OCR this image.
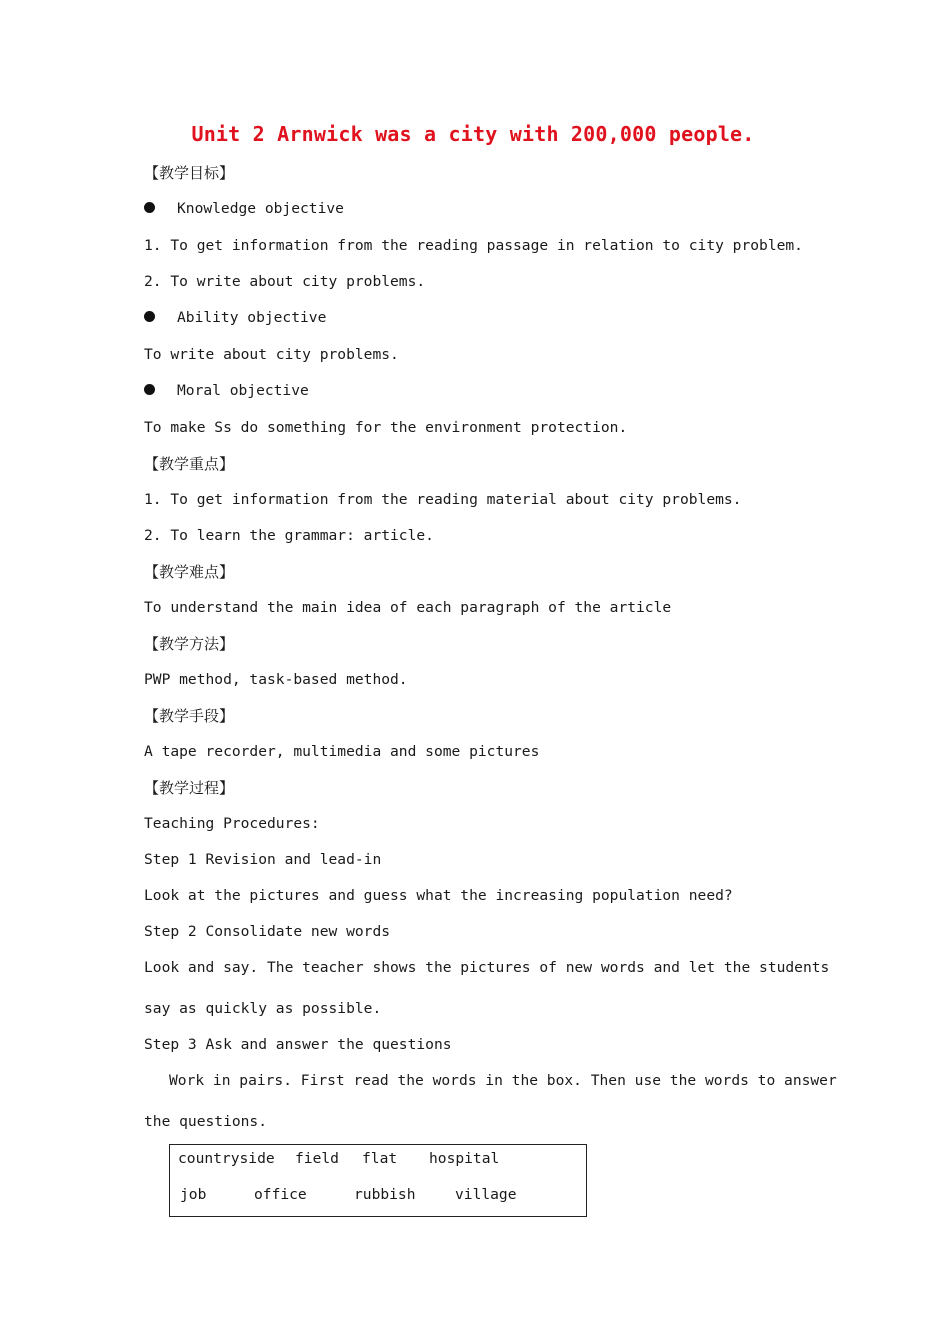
Unit 2 Arnwick was a city with 200,000 people.

【教学目标】

Knowledge objective

1. To get information from the reading passage in relation to city problem.

2. To write about city problems.

Ability objective

To write about city problems.

Moral objective

To make Ss do something for the environment protection.

【教学重点】

1. To get information from the reading material about city problems.

2. To learn the grammar: article.

【教学难点】

To understand the main idea of each paragraph of the article

【教学方法】

PWP method, task-based method.

【教学手段】

A tape recorder, multimedia and some pictures

【教学过程】

Teaching Procedures:

Step 1 Revision and lead-in

Look at the pictures and guess what the increasing population need?

Step 2 Consolidate new words

Look and say. The teacher shows the pictures of new words and let the students

say as quickly as possible.

Step 3 Ask and answer the questions

Work in pairs. First read the words in the box. Then use the words to answer

the questions.

countryside field flat hospital
job	office	rubbish	village
